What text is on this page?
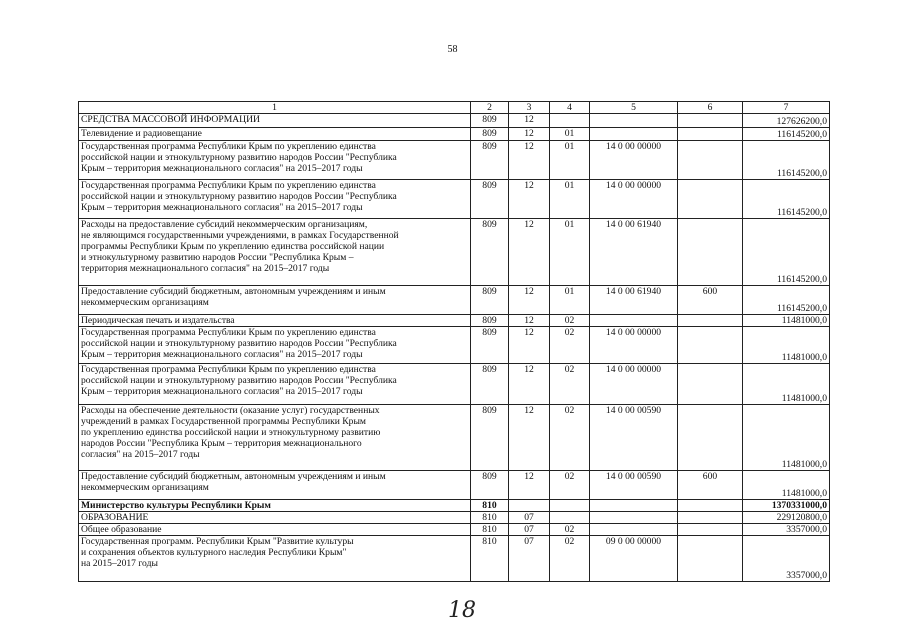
58
1	2	3	4	5	6	7
СРЕДСТВА МАССОВОЙ ИНФОРМАЦИИ	809	12				127626200,0
Телевидение и радиовещание	809	12	01			116145200,0
Государственная программа Республики Крым по укреплению единства
российской нации и этнокультурному развитию народов России "Республика
Крым – территория межнационального согласия" на 2015–2017 годы	809	12	01	14 0 00 00000		116145200,0
Государственная программа Республики Крым по укреплению единства
российской нации и этнокультурному развитию народов России "Республика
Крым – территория межнационального согласия" на 2015–2017 годы	809	12	01	14 0 00 00000		116145200,0
Расходы на предоставление субсидий некоммерческим организациям,
не являющимся государственными учреждениями, в рамках Государственной
программы Республики Крым по укреплению единства российской нации
и этнокультурному развитию народов России "Республика Крым –
территория межнационального согласия" на 2015–2017 годы	809	12	01	14 0 00 61940		116145200,0
Предоставление субсидий бюджетным, автономным учреждениям и иным
некоммерческим организациям	809	12	01	14 0 00 61940	600	116145200,0
Периодическая печать и издательства	809	12	02			11481000,0
Государственная программа Республики Крым по укреплению единства
российской нации и этнокультурному развитию народов России "Республика
Крым – территория межнационального согласия" на 2015–2017 годы	809	12	02	14 0 00 00000		11481000,0
Государственная программа Республики Крым по укреплению единства
российской нации и этнокультурному развитию народов России "Республика
Крым – территория межнационального согласия" на 2015–2017 годы	809	12	02	14 0 00 00000		11481000,0
Расходы на обеспечение деятельности (оказание услуг) государственных
учреждений в рамках Государственной программы Республики Крым
по укреплению единства российской нации и этнокультурному развитию
народов России "Республика Крым – территория межнационального
согласия" на 2015–2017 годы	809	12	02	14 0 00 00590		11481000,0
Предоставление субсидий бюджетным, автономным учреждениям и иным
некоммерческим организациям	809	12	02	14 0 00 00590	600	11481000,0
Министерство культуры Республики Крым	810					1370331000,0
ОБРАЗОВАНИЕ	810	07				229120800,0
Общее образование	810	07	02			3357000,0
Государственная программ. Республики Крым "Развитие культуры
и сохранения объектов культурного наследия Республики Крым"
на 2015–2017 годы	810	07	02	09 0 00 00000		3357000,0
18
